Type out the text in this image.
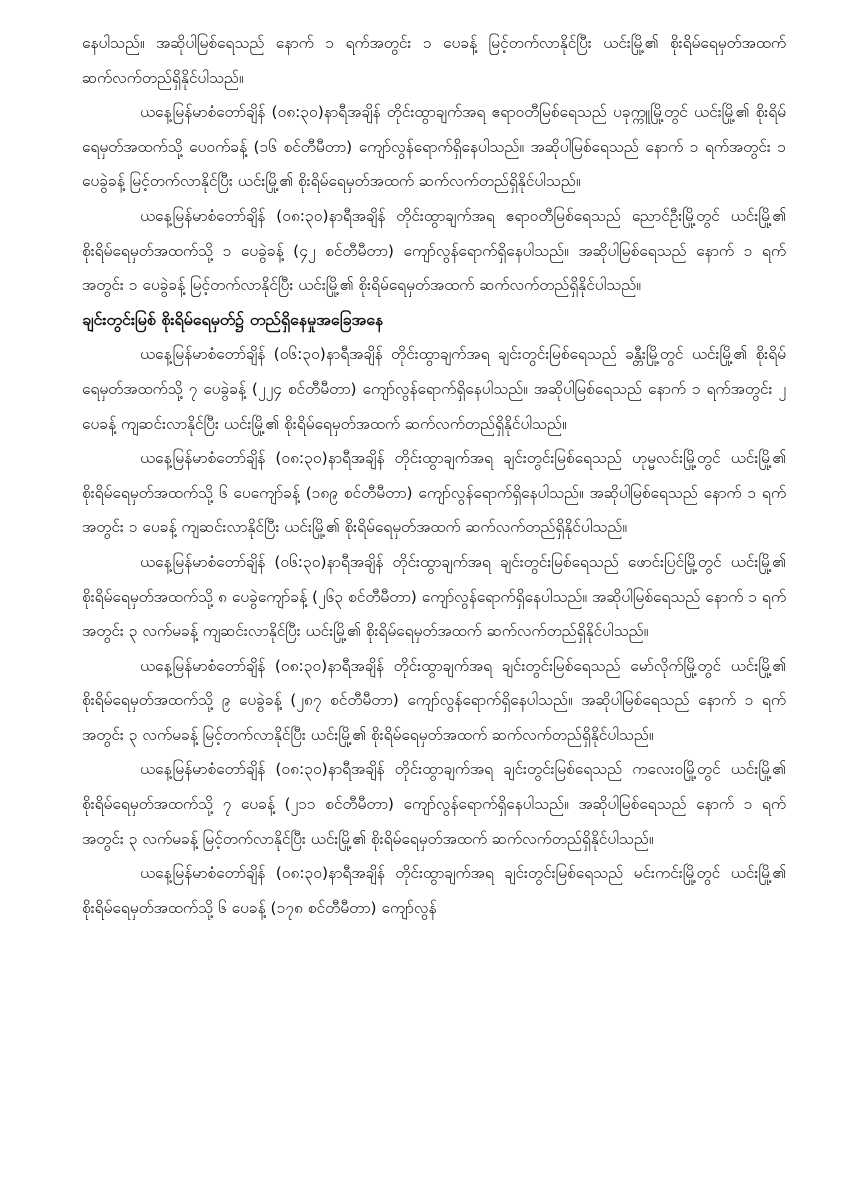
နေပါသည်။ အဆိုပါမြစ်ရေသည် နောက် ၁ ရက်အတွင်း ၁ ပေခန့် မြင့်တက်လာနိုင်ပြီး ယင်းမြို့၏ စိုးရိမ်ရေမှတ်အထက် ဆက်လက်တည်ရှိနိုင်ပါသည်။

ယနေ့မြန်မာစံတော်ချိန် (၀၈:၃၀)နာရီအချိန် တိုင်းထွာချက်အရ ဧရာဝတီမြစ်ရေသည် ပခုက္ကူမြို့တွင် ယင်းမြို့၏ စိုးရိမ်ရေမှတ်အထက်သို့ ပေ၀က်ခန့် (၁၆ စင်တီမီတာ) ကျော်လွန်ရောက်ရှိနေပါသည်။ အဆိုပါမြစ်ရေသည် နောက် ၁ ရက်အတွင်း ၁ ပေခွဲခန့် မြင့်တက်လာနိုင်ပြီး ယင်းမြို့၏ စိုးရိမ်ရေမှတ်အထက် ဆက်လက်တည်ရှိနိုင်ပါသည်။

ယနေ့မြန်မာစံတော်ချိန် (၀၈:၃၀)နာရီအချိန် တိုင်းထွာချက်အရ ဧရာဝတီမြစ်ရေသည် ညောင်ဦးမြို့တွင် ယင်းမြို့၏ စိုးရိမ်ရေမှတ်အထက်သို့ ၁ ပေခွဲခန့် (၄၂ စင်တီမီတာ) ကျော်လွန်ရောက်ရှိနေပါသည်။ အဆိုပါမြစ်ရေသည် နောက် ၁ ရက်အတွင်း ၁ ပေခွဲခန့် မြင့်တက်လာနိုင်ပြီး ယင်းမြို့၏ စိုးရိမ်ရေမှတ်အထက် ဆက်လက်တည်ရှိနိုင်ပါသည်။

ချင်းတွင်းမြစ် စိုးရိမ်ရေမှတ်၌ တည်ရှိနေမှုအခြေအနေ

ယနေ့မြန်မာစံတော်ချိန် (၀၆:၃၀)နာရီအချိန် တိုင်းထွာချက်အရ ချင်းတွင်းမြစ်ရေသည် ခန္တီးမြို့တွင် ယင်းမြို့၏ စိုးရိမ်ရေမှတ်အထက်သို့ ၇ ပေခွဲခန့် (၂၂၄ စင်တီမီတာ) ကျော်လွန်ရောက်ရှိနေပါသည်။ အဆိုပါမြစ်ရေသည် နောက် ၁ ရက်အတွင်း ၂ ပေခန့် ကျဆင်းလာနိုင်ပြီး ယင်းမြို့၏ စိုးရိမ်ရေမှတ်အထက် ဆက်လက်တည်ရှိနိုင်ပါသည်။

ယနေ့မြန်မာစံတော်ချိန် (၀၈:၃၀)နာရီအချိန် တိုင်းထွာချက်အရ ချင်းတွင်းမြစ်ရေသည် ဟုမ္မလင်းမြို့တွင် ယင်းမြို့၏ စိုးရိမ်ရေမှတ်အထက်သို့ ၆ ပေကျော်ခန့် (၁၈၉ စင်တီမီတာ) ကျော်လွန်ရောက်ရှိနေပါသည်။ အဆိုပါမြစ်ရေသည် နောက် ၁ ရက်အတွင်း ၁ ပေခန့် ကျဆင်းလာနိုင်ပြီး ယင်းမြို့၏ စိုးရိမ်ရေမှတ်အထက် ဆက်လက်တည်ရှိနိုင်ပါသည်။

ယနေ့မြန်မာစံတော်ချိန် (၀၆:၃၀)နာရီအချိန် တိုင်းထွာချက်အရ ချင်းတွင်းမြစ်ရေသည် ဖောင်းပြင်မြို့တွင် ယင်းမြို့၏ စိုးရိမ်ရေမှတ်အထက်သို့ ၈ ပေခွဲကျော်ခန့် (၂၆၃ စင်တီမီတာ) ကျော်လွန်ရောက်ရှိနေပါသည်။ အဆိုပါမြစ်ရေသည် နောက် ၁ ရက်အတွင်း ၃ လက်မခန့် ကျဆင်းလာနိုင်ပြီး ယင်းမြို့၏ စိုးရိမ်ရေမှတ်အထက် ဆက်လက်တည်ရှိနိုင်ပါသည်။

ယနေ့မြန်မာစံတော်ချိန် (၀၈:၃၀)နာရီအချိန် တိုင်းထွာချက်အရ ချင်းတွင်းမြစ်ရေသည် မော်လိုက်မြို့တွင် ယင်းမြို့၏ စိုးရိမ်ရေမှတ်အထက်သို့ ၉ ပေခွဲခန့် (၂၈၇ စင်တီမီတာ) ကျော်လွန်ရောက်ရှိနေပါသည်။ အဆိုပါမြစ်ရေသည် နောက် ၁ ရက်အတွင်း ၃ လက်မခန့် မြင့်တက်လာနိုင်ပြီး ယင်းမြို့၏ စိုးရိမ်ရေမှတ်အထက် ဆက်လက်တည်ရှိနိုင်ပါသည်။

ယနေ့မြန်မာစံတော်ချိန် (၀၈:၃၀)နာရီအချိန် တိုင်းထွာချက်အရ ချင်းတွင်းမြစ်ရေသည် ကလေးဝမြို့တွင် ယင်းမြို့၏ စိုးရိမ်ရေမှတ်အထက်သို့ ၇ ပေခန့် (၂၁၁ စင်တီမီတာ) ကျော်လွန်ရောက်ရှိနေပါသည်။ အဆိုပါမြစ်ရေသည် နောက် ၁ ရက်အတွင်း ၃ လက်မခန့် မြင့်တက်လာနိုင်ပြီး ယင်းမြို့၏ စိုးရိမ်ရေမှတ်အထက် ဆက်လက်တည်ရှိနိုင်ပါသည်။

ယနေ့မြန်မာစံတော်ချိန် (၀၈:၃၀)နာရီအချိန် တိုင်းထွာချက်အရ ချင်းတွင်းမြစ်ရေသည် မင်းကင်းမြို့တွင် ယင်းမြို့၏ စိုးရိမ်ရေမှတ်အထက်သို့ ၆ ပေခန့် (၁၇၈ စင်တီမီတာ) ကျော်လွန်
